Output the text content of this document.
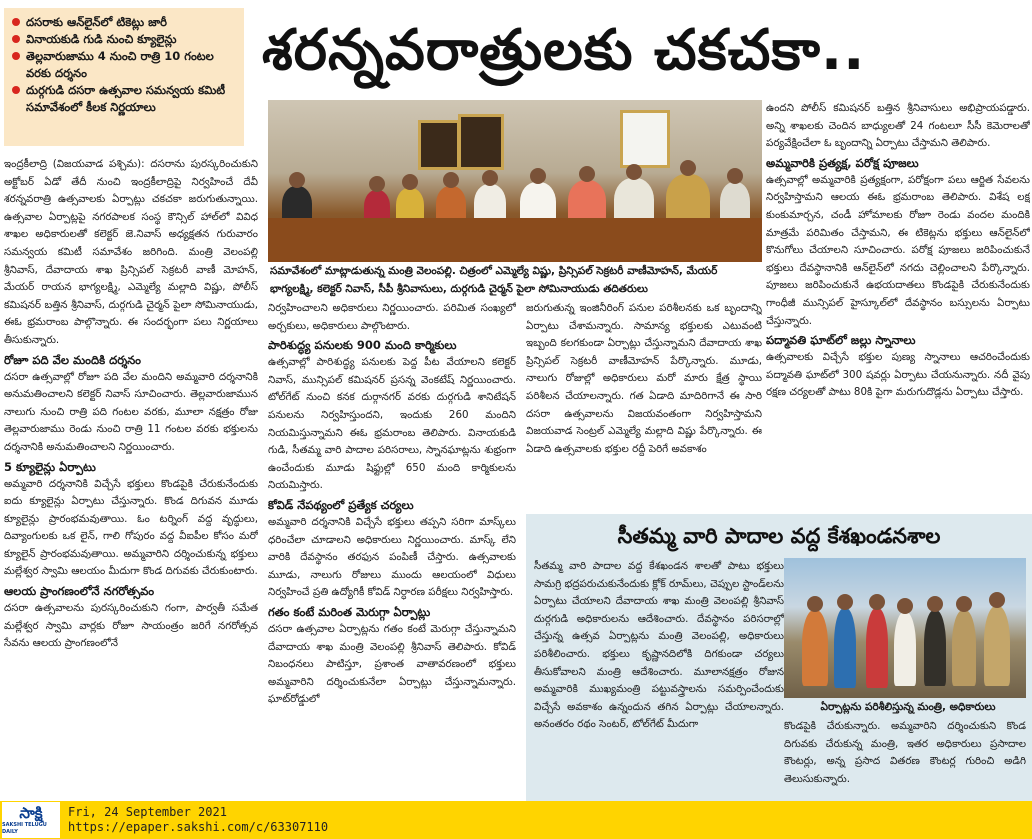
దసరాకు ఆన్‌లైన్‌లో టికెట్లు జారీ
వినాయకుడి గుడి నుంచి క్యూలైన్లు
తెల్లవారుజాము 4 నుంచి రాత్రి 10 గంటల వరకు దర్శనం
దుర్గగుడి దసరా ఉత్సవాల సమన్వయ కమిటీ సమావేశంలో కీలక నిర్ణయాలు
శరన్నవరాత్రులకు చకచకా..
సమావేశంలో మాట్లాడుతున్న మంత్రి వెలంపల్లి. చిత్రంలో ఎమ్మెల్యే విష్ణు, ప్రిన్సిపల్ సెక్రటరీ వాణీమోహన్, మేయర్ భాగ్యలక్ష్మి, కలెక్టర్ నివాస్, సీపీ శ్రీనివాసులు, దుర్గగుడి చైర్మన్ పైలా సోమినాయుడు తదితరులు

ఇంద్రకీలాద్రి (విజయవాడ పశ్చిమ): దసరాను పురస్కరించుకుని అక్టోబర్ ఏడో తేదీ నుంచి ఇంద్రకీలాద్రిపై నిర్వహించే దేవీ శరన్నవరాత్రి ఉత్సవాలకు ఏర్పాట్లు చకచకా జరుగుతున్నాయి. ఉత్సవాల ఏర్పాట్లపై నగరపాలక సంస్థ కౌన్సిల్ హాల్‌లో వివిధ శాఖల అధికారులతో కలెక్టర్ జె.నివాస్ అధ్యక్షతన గురువారం సమన్వయ కమిటీ సమావేశం జరిగింది. మంత్రి వెలంపల్లి శ్రీనివాస్, దేవాదాయ శాఖ ప్రిన్సిపల్ సెక్రటరీ వాణీ మోహన్, మేయర్ రాయన భాగ్యలక్ష్మి, ఎమ్మెల్యే మల్లాది విష్ణు, పోలీస్ కమిషనర్ బత్తిన శ్రీనివాస్, దుర్గగుడి చైర్మన్ పైలా సోమినాయుడు, ఈఓ భ్రమరాంబ పాల్గొన్నారు. ఈ సందర్భంగా పలు నిర్ణయాలు తీసుకున్నారు.

రోజూ పది వేల మందికి దర్శనం

దసరా ఉత్సవాల్లో రోజూ పది వేల మందిని అమ్మవారి దర్శనానికి అనుమతించాలని కలెక్టర్ నివాస్ సూచించారు. తెల్లవారుజామున నాలుగు నుంచి రాత్రి పది గంటల వరకు, మూలా నక్షత్రం రోజు తెల్లవారుజాము రెండు నుంచి రాత్రి 11 గంటల వరకు భక్తులను దర్శనానికి అనుమతించాలని నిర్ణయించారు.

5 క్యూలైన్లు ఏర్పాటు

అమ్మవారి దర్శనానికి విచ్చేసే భక్తులు కొండపైకి చేరుకునేందుకు ఐదు క్యూలైన్లు ఏర్పాటు చేస్తున్నారు. కొండ దిగువన మూడు క్యూలైన్లు ప్రారంభమవుతాయి. ఓం టర్నింగ్ వద్ద వృద్ధులు, దివ్యాంగులకు ఒక లైన్, గాలి గోపురం వద్ద వీఐపీల కోసం మరో క్యూలైన్ ప్రారంభమవుతాయి. అమ్మవారిని దర్శించుకున్న భక్తులు మల్లేశ్వర స్వామి ఆలయం మీదుగా కొండ దిగువకు చేరుకుంటారు.

ఆలయ ప్రాంగణంలోనే నగరోత్సవం

దసరా ఉత్సవాలను పురస్కరించుకుని గంగా, పార్వతీ సమేత మల్లేశ్వర స్వామి వార్లకు రోజూ సాయంత్రం జరిగే నగరోత్సవ సేవను ఆలయ ప్రాంగణంలోనే

నిర్వహించాలని అధికారులు నిర్ణయించారు. పరిమిత సంఖ్యలో అర్చకులు, అధికారులు పాల్గొంటారు.

పారిశుద్ధ్య పనులకు 900 మంది కార్మికులు

ఉత్సవాల్లో పారిశుద్ధ్య పనులకు పెద్ద పీట వేయాలని కలెక్టర్ నివాస్, మున్సిపల్ కమిషనర్ ప్రసన్న వెంకటేష్ నిర్ణయించారు. టోల్‌గేట్ నుంచి కనక దుర్గానగర్ వరకు దుర్గగుడి శానిటేషన్ పనులను నిర్వహిస్తుందని, ఇందుకు 260 మందిని నియమిస్తున్నామని ఈఓ భ్రమరాంబ తెలిపారు. వినాయకుడి గుడి, సీతమ్మ వారి పాదాల పరిసరాలు, స్నానఘాట్లను శుభ్రంగా ఉంచేందుకు మూడు షిఫ్టుల్లో 650 మంది కార్మికులను నియమిస్తారు.

కోవిడ్ నేపథ్యంలో ప్రత్యేక చర్యలు

అమ్మవారి దర్శనానికి విచ్చేసే భక్తులు తప్పని సరిగా మాస్క్‌లు ధరించేలా చూడాలని అధికారులు నిర్ణయించారు. మాస్క్ లేని వారికి దేవస్థానం తరఫున పంపిణీ చేస్తారు. ఉత్సవాలకు మూడు, నాలుగు రోజులు ముందు ఆలయంలో విధులు నిర్వహించే ప్రతి ఉద్యోగికీ కోవిడ్ నిర్ధారణ పరీక్షలు నిర్వహిస్తారు.

గతం కంటే మరింత మెరుగ్గా ఏర్పాట్లు

దసరా ఉత్సవాల ఏర్పాట్లను గతం కంటే మెరుగ్గా చేస్తున్నామని దేవాదాయ శాఖ మంత్రి వెలంపల్లి శ్రీనివాస్ తెలిపారు. కోవిడ్ నిబంధనలు పాటిస్తూ, ప్రశాంత వాతావరణంలో భక్తులు అమ్మవారిని దర్శించుకునేలా ఏర్పాట్లు చేస్తున్నామన్నారు. ఘాట్‌రోడ్డులో

జరుగుతున్న ఇంజినీరింగ్ పనుల పరిశీలనకు ఒక బృందాన్ని ఏర్పాటు చేశామన్నారు. సామాన్య భక్తులకు ఎటువంటి ఇబ్బంది కలగకుండా ఏర్పాట్లు చేస్తున్నామని దేవాదాయ శాఖ ప్రిన్సిపల్ సెక్రటరీ వాణీమోహన్ పేర్కొన్నారు. మూడు, నాలుగు రోజుల్లో అధికారులు మరో మారు క్షేత్ర స్థాయి పరిశీలన చేయాలన్నారు. గత ఏడాది మాదిరిగానే ఈ సారి దసరా ఉత్సవాలను విజయవంతంగా నిర్వహిస్తామని విజయవాడ సెంట్రల్ ఎమ్మెల్యే మల్లాది విష్ణు పేర్కొన్నారు. ఈ ఏడాది ఉత్సవాలకు భక్తుల రద్దీ పెరిగే అవకాశం

ఉందని పోలీస్ కమిషనర్ బత్తిన శ్రీనివాసులు అభిప్రాయపడ్డారు. అన్ని శాఖలకు చెందిన బాధ్యులతో 24 గంటలూ సీసీ కెమెరాలతో పర్యవేక్షించేలా ఓ బృందాన్ని ఏర్పాటు చేస్తామని తెలిపారు.

అమ్మవారికి ప్రత్యక్ష, పరోక్ష పూజలు

ఉత్సవాల్లో అమ్మవారికి ప్రత్యక్షంగా, పరోక్షంగా పలు ఆర్జిత సేవలను నిర్వహిస్తామని ఆలయ ఈఓ భ్రమరాంబ తెలిపారు. విశేష లక్ష కుంకుమార్చన, చండీ హోమాలకు రోజూ రెండు వందల మందికి మాత్రమే పరిమితం చేస్తామని, ఈ టికెట్లను భక్తులు ఆన్‌లైన్‌లో కొనుగోలు చేయాలని సూచించారు. పరోక్ష పూజలు జరిపించుకునే భక్తులు దేవస్థానానికి ఆన్‌లైన్‌లో నగదు చెల్లించాలని పేర్కొన్నారు. పూజలు జరిపించుకునే ఉభయదాతలు కొండపైకి చేరుకునేందుకు గాంధీజీ మున్సిపల్ హైస్కూల్‌లో దేవస్థానం బస్సులను ఏర్పాటు చేస్తున్నారు.

పద్మావతి ఘాట్‌లో జల్లు స్నానాలు

ఉత్సవాలకు విచ్చేసే భక్తుల పుణ్య స్నానాలు ఆచరించేందుకు పద్మావతి ఘాట్‌లో 300 షవర్లు ఏర్పాటు చేయనున్నారు. నదీ వైపు రక్షణ చర్యలతో పాటు 80కి పైగా మరుగుదొడ్లను ఏర్పాటు చేస్తారు.

సీతమ్మ వారి పాదాల వద్ద కేశఖండనశాల
సీతమ్మ వారి పాదాల వద్ద కేశఖండన శాలతో పాటు భక్తులు సామగ్రి భద్రపరుచుకునేందుకు క్లోక్ రూమ్‌లు, చెప్పుల స్టాండ్‌లను ఏర్పాటు చేయాలని దేవాదాయ శాఖ మంత్రి వెలంపల్లి శ్రీనివాస్ దుర్గగుడి అధికారులను ఆదేశించారు. దేవస్థానం పరిసరాల్లో చేస్తున్న ఉత్సవ ఏర్పాట్లను మంత్రి వెలంపల్లి, అధికారులు పరిశీలించారు. భక్తులు కృష్ణానదిలోకి దిగకుండా చర్యలు తీసుకోవాలని మంత్రి ఆదేశించారు. మూలానక్షత్రం రోజున అమ్మవారికి ముఖ్యమంత్రి పట్టువస్త్రాలను సమర్పించేందుకు విచ్చేసే అవకాశం ఉన్నందున తగిన ఏర్పాట్లు చేయాలన్నారు. అనంతరం రథం సెంటర్, టోల్‌గేట్ మీదుగా
ఏర్పాట్లను పరిశీలిస్తున్న మంత్రి, అధికారులు
కొండపైకి చేరుకున్నారు. అమ్మవారిని దర్శించుకుని కొండ దిగువకు చేరుకున్న మంత్రి, ఇతర అధికారులు ప్రసాదాల కౌంటర్లు, అన్న ప్రసాద వితరణ కౌంటర్ల గురించి అడిగి తెలుసుకున్నారు.
సాక్షి
SAKSHI TELUGU DAILY
Fri, 24 September 2021
https://epaper.sakshi.com/c/63307110
